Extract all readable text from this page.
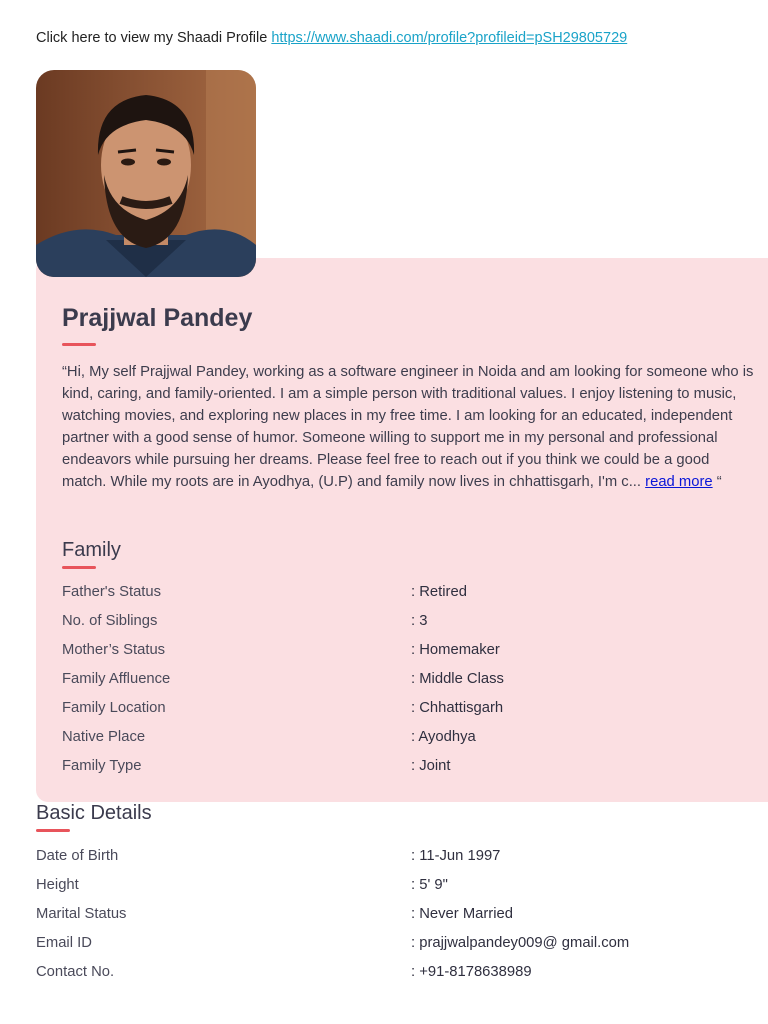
Click here to view my Shaadi Profile https://www.shaadi.com/profile?profileid=pSH29805729
Prajjwal Pandey

“Hi, My self Prajjwal Pandey, working as a software engineer in Noida and am looking for someone who is kind, caring, and family-oriented. I am a simple person with traditional values. I enjoy listening to music, watching movies, and exploring new places in my free time. I am looking for an educated, independent partner with a good sense of humor. Someone willing to support me in my personal and professional endeavors while pursuing her dreams. Please feel free to reach out if you think we could be a good match. While my roots are in Ayodhya, (U.P) and family now lives in chhattisgarh, I'm c... read more “

Family
Father's Status	: Retired
No. of Siblings	: 3
Mother’s Status	: Homemaker
Family Affluence	: Middle Class
Family Location	: Chhattisgarh
Native Place	: Ayodhya
Family Type	: Joint
Basic Details
Date of Birth	: 11-Jun 1997
Height	: 5' 9"
Marital Status	: Never Married
Email ID	: prajjwalpandey009@ gmail.com
Contact No.	: +91-8178638989
